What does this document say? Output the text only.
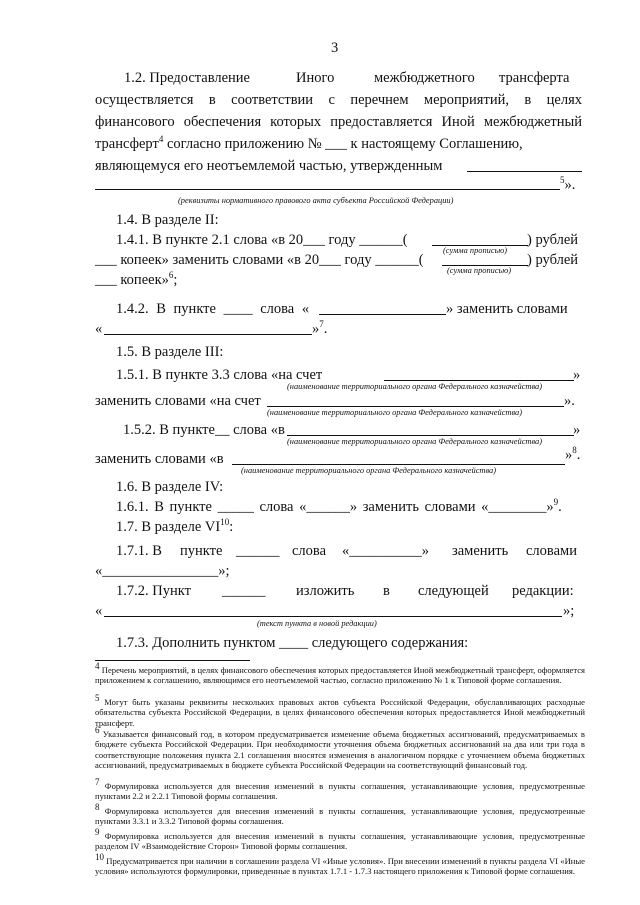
3
1.2. Предоставление	Иного	межбюджетного трансферта
осуществляется в соответствии с перечнем мероприятий, в целях
финансового обеспечения которых предоставляется Иной межбюджетный
трансферт$^4$ согласно приложению № ___ к настоящему Соглашению,
являющемуся его неотъемлемой частью, утвержденным
$^5$».
(реквизиты нормативного правового акта субъекта Российской Федерации)
1.4. В разделе II:
1.4.1. В пункте 2.1 слова «в 20___ году ______(	) рублей
(сумма прописью)
___ копеек» заменить словами «в 20___ году ______(	) рублей
(сумма прописью)
___ копеек»$^6$;
1.4.2. В пункте ____ слова «	» заменить словами
«	»$^7$.
1.5. В разделе III:
1.5.1. В пункте 3.3 слова «на счет	»
(наименование территориального органа Федерального казначейства)
заменить словами «на счет	».
(наименование территориального органа Федерального казначейства)
1.5.2. В пункте__ слова «в	»
(наименование территориального органа Федерального казначейства)
заменить словами «в	»$^8$.
(наименование территориального органа Федерального казначейства)
1.6. В разделе IV:
1.6.1. В пункте _____ слова «______» заменить словами «________»$^9$.
1.7. В разделе VI$^{10}$:
1.7.1. В пункте ______ слова «__________» заменить словами
«________________»;
1.7.2. Пункт ______ изложить в следующей редакции:
«	»;
(текст пункта в новой редакции)
1.7.3. Дополнить пунктом ____ следующего содержания:
$^4$ Перечень мероприятий, в целях финансового обеспечения которых предоставляется Иной межбюджетный трансферт, оформляется приложением к соглашению, являющимся его неотъемлемой частью, согласно приложению № 1 к Типовой форме соглашения.
$^5$ Могут быть указаны реквизиты нескольких правовых актов субъекта Российской Федерации, обуславливающих расходные обязательства субъекта Российской Федерации, в целях финансового обеспечения которых предоставляется Иной межбюджетный трансферт.
$^6$ Указывается финансовый год, в котором предусматривается изменение объема бюджетных ассигнований, предусматриваемых в бюджете субъекта Российской Федерации. При необходимости уточнения объема бюджетных ассигнований на два или три года в соответствующие положения пункта 2.1 соглашения вносятся изменения в аналогичном порядке с уточнением объема бюджетных ассигнований, предусматриваемых в бюджете субъекта Российской Федерации на соответствующий финансовый год.
$^7$ Формулировка используется для внесения изменений в пункты соглашения, устанавливающие условия, предусмотренные пунктами 2.2 и 2.2.1 Типовой формы соглашения.
$^8$ Формулировка используется для внесения изменений в пункты соглашения, устанавливающие условия, предусмотренные пунктами 3.3.1 и 3.3.2 Типовой формы соглашения.
$^9$ Формулировка используется для внесения изменений в пункты соглашения, устанавливающие условия, предусмотренные разделом IV «Взаимодействие Сторон» Типовой формы соглашения.
$^{10}$ Предусматривается при наличии в соглашении раздела VI «Иные условия». При внесении изменений в пункты раздела VI «Иные условия» используются формулировки, приведенные в пунктах 1.7.1 - 1.7.3 настоящего приложения к Типовой форме соглашения.
